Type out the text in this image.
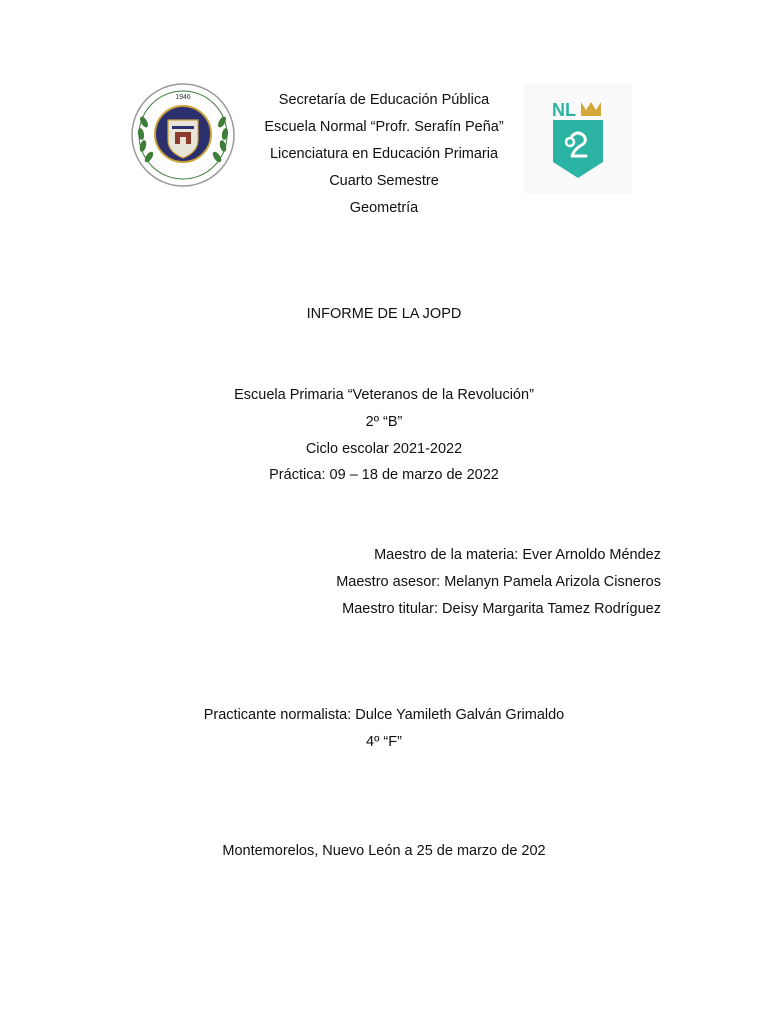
1946
NL
Secretaría de Educación Pública
Escuela Normal “Profr. Serafín Peña”
Licenciatura en Educación Primaria
Cuarto Semestre
Geometría
INFORME DE LA JOPD
Escuela Primaria “Veteranos de la Revolución”
2º “B”
Ciclo escolar 2021-2022
Práctica: 09 – 18 de marzo de 2022
Maestro de la materia: Ever Arnoldo Méndez
Maestro asesor: Melanyn Pamela Arizola Cisneros
Maestro titular: Deisy Margarita Tamez Rodríguez
Practicante normalista: Dulce Yamileth Galván Grimaldo
4º “F”
Montemorelos, Nuevo León a 25 de marzo de 202
